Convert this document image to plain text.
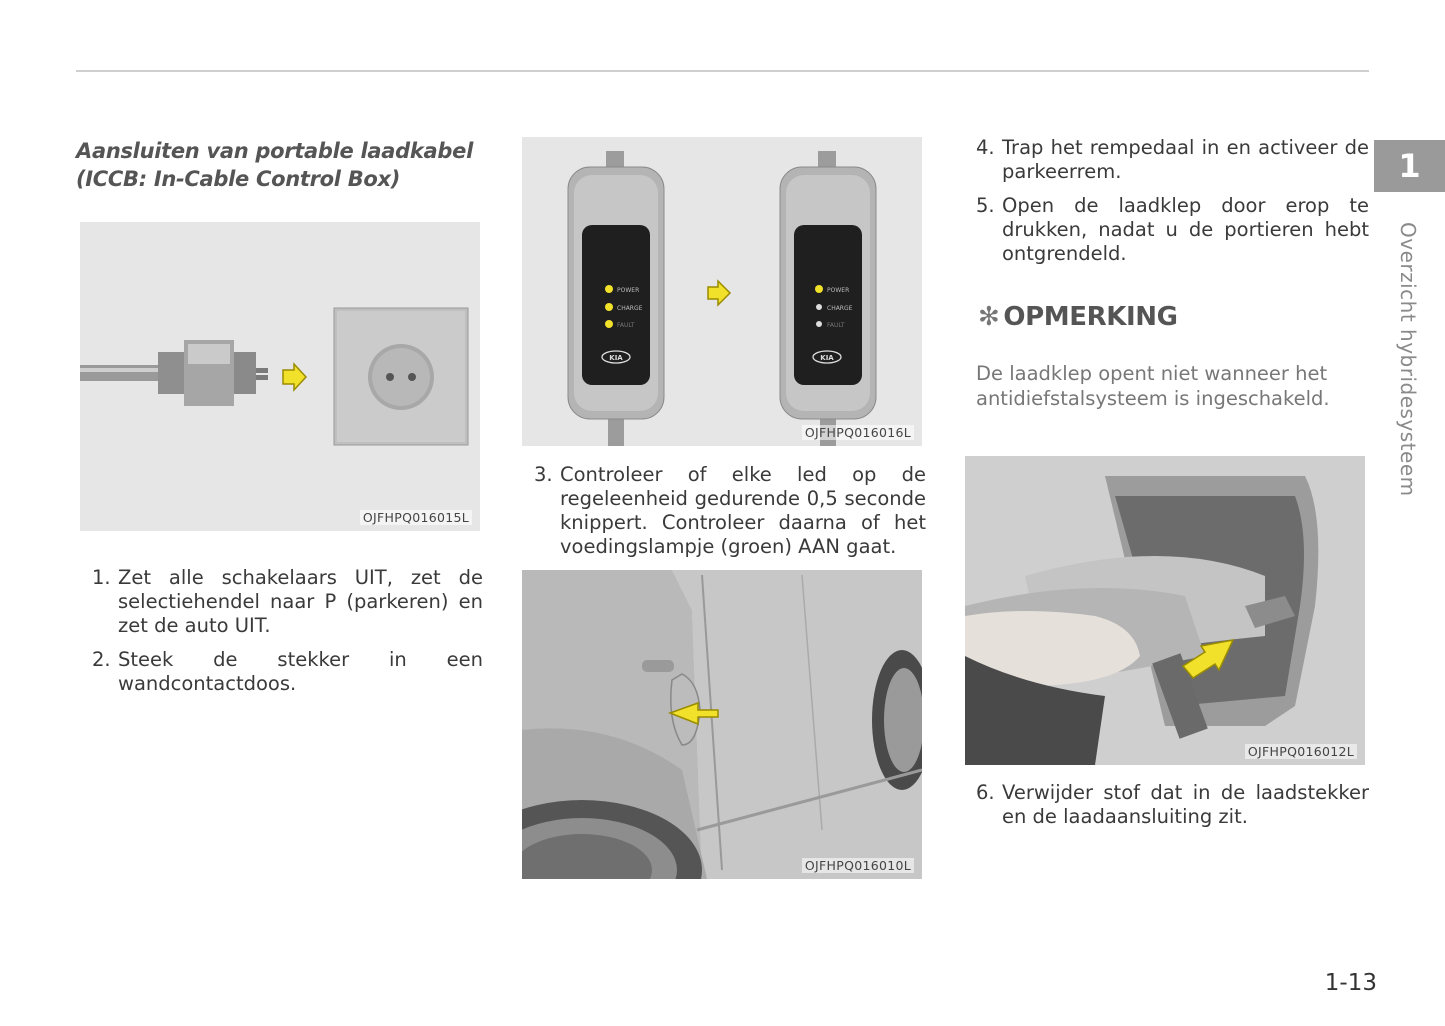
Aansluiten van portable laadkabel
(ICCB: In-Cable Control Box)
OJFHPQ016015L
1. Zet alle schakelaars UIT, zet de selectiehendel naar P (parkeren) en zet de auto UIT.
2. Steek de stekker in een wandcontactdoos.
POWER
CHARGE
FAULT
KIA
POWER
CHARGE
FAULT
KIA
OJFHPQ016016L
3. Controleer of elke led op de regeleenheid gedurende 0,5 seconde knippert. Controleer daarna of het voedingslampje (groen) AAN gaat.
OJFHPQ016010L
4. Trap het rempedaal in en activeer de parkeerrem.
5. Open de laadklep door erop te drukken, nadat u de portieren hebt ontgrendeld.
✻ OPMERKING
De laadklep opent niet wanneer het antidiefstalsysteem is ingeschakeld.
OJFHPQ016012L
6. Verwijder stof dat in de laadstekker en de laadaansluiting zit.
1
Overzicht hybridesysteem
1-13
